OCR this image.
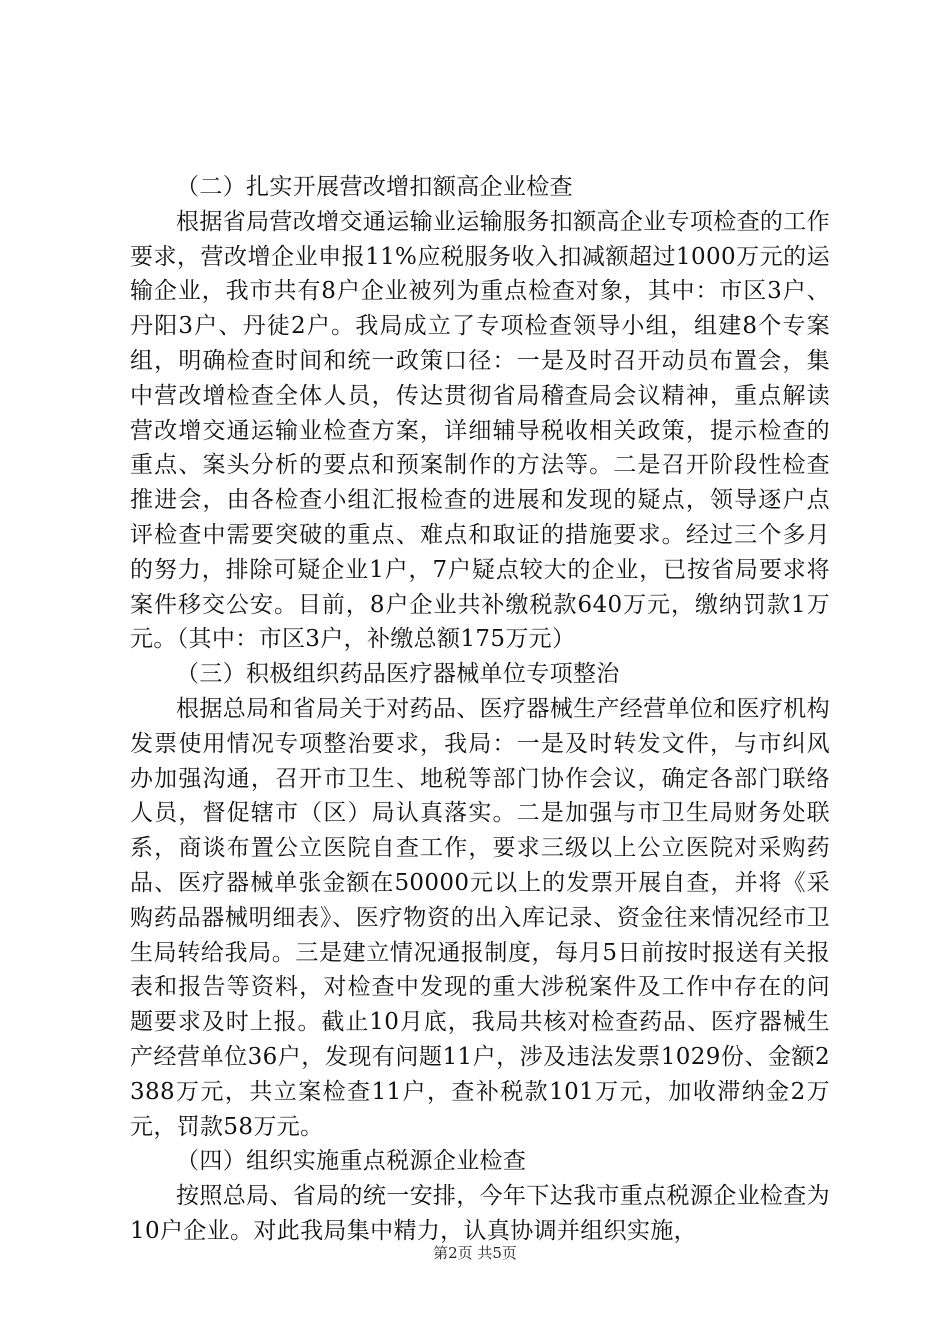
（二）扎实开展营改增扣额高企业检查

根据省局营改增交通运输业运输服务扣额高企业专项检查的工作要求，营改增企业申报11%应税服务收入扣减额超过1000万元的运输企业，我市共有8户企业被列为重点检查对象，其中：市区3户、丹阳3户、丹徒2户。我局成立了专项检查领导小组，组建8个专案组，明确检查时间和统一政策口径：一是及时召开动员布置会，集中营改增检查全体人员，传达贯彻省局稽查局会议精神，重点解读营改增交通运输业检查方案，详细辅导税收相关政策，提示检查的重点、案头分析的要点和预案制作的方法等。二是召开阶段性检查推进会，由各检查小组汇报检查的进展和发现的疑点，领导逐户点评检查中需要突破的重点、难点和取证的措施要求。经过三个多月的努力，排除可疑企业1户，7户疑点较大的企业，已按省局要求将案件移交公安。目前，8户企业共补缴税款640万元，缴纳罚款1万元。（其中：市区3户，补缴总额175万元）

（三）积极组织药品医疗器械单位专项整治

根据总局和省局关于对药品、医疗器械生产经营单位和医疗机构发票使用情况专项整治要求，我局：一是及时转发文件，与市纠风办加强沟通，召开市卫生、地税等部门协作会议，确定各部门联络人员，督促辖市（区）局认真落实。二是加强与市卫生局财务处联系，商谈布置公立医院自查工作，要求三级以上公立医院对采购药品、医疗器械单张金额在50000元以上的发票开展自查，并将《采购药品器械明细表》、医疗物资的出入库记录、资金往来情况经市卫生局转给我局。三是建立情况通报制度，每月5日前按时报送有关报表和报告等资料，对检查中发现的重大涉税案件及工作中存在的问题要求及时上报。截止10月底，我局共核对检查药品、医疗器械生产经营单位36户，发现有问题11户，涉及违法发票1029份、金额2388万元，共立案检查11户，查补税款101万元，加收滞纳金2万元，罚款58万元。

（四）组织实施重点税源企业检查

按照总局、省局的统一安排，今年下达我市重点税源企业检查为10户企业。对此我局集中精力，认真协调并组织实施，

第2页 共5页
